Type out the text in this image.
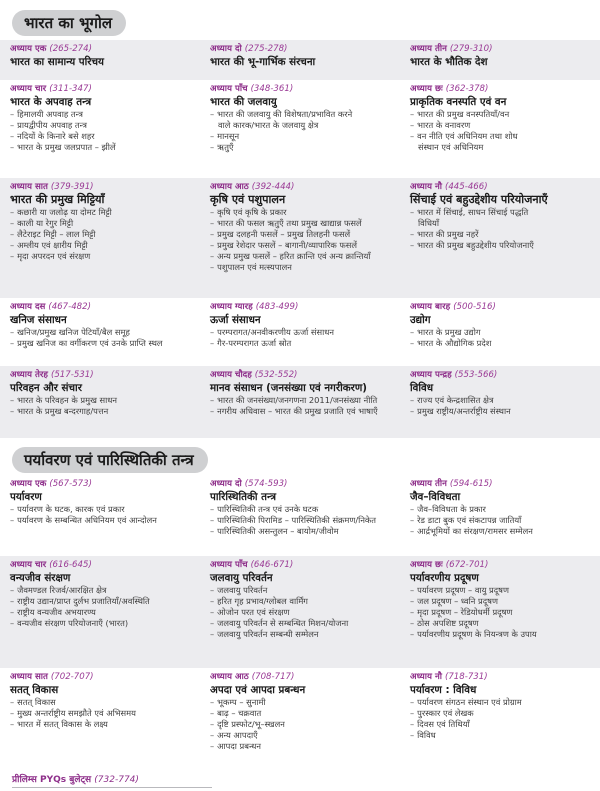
भारत का भूगोल
अध्याय एक (265-274)
भारत का सामान्य परिचय
अध्याय दो (275-278)
भारत की भू-गार्भिक संरचना
अध्याय तीन (279-310)
भारत के भौतिक देश
अध्याय चार (311-347)
भारत के अपवाह तन्त्र
– हिमालयी अपवाह तन्त्र
– प्रायद्वीपीय अपवाह तन्त्र
– नदियों के किनारे बसे शहर
– भारत के प्रमुख जलप्रपात – झीलें
अध्याय पाँच (348-361)
भारत की जलवायु
– भारत की जलवायु की विशेषता/प्रभावित करने
वाले कारक/भारत के जलवायु क्षेत्र
– मानसून
– ऋतुएँ
अध्याय छः (362-378)
प्राकृतिक वनस्पति एवं वन
– भारत की प्रमुख वनस्पतियाँ/वन
– भारत के वनावरण
– वन नीति एवं अधिनियम तथा शोध
संस्थान एवं अधिनियम
अध्याय सात (379-391)
भारत की प्रमुख मिट्टियाँ
– कछारी या जलोढ़ या दोमट मिट्टी
– काली या रेगुर मिट्टी
– लैटेराइट मिट्टी – लाल मिट्टी
– अम्लीय एवं क्षारीय मिट्टी
– मृदा अपरदन एवं संरक्षण
अध्याय आठ (392-444)
कृषि एवं पशुपालन
– कृषि एवं कृषि के प्रकार
– भारत की फसल ऋतुएँ तथा प्रमुख खाद्यान्न फसलें
– प्रमुख दलहनी फसलें – प्रमुख तिलहनी फसलें
– प्रमुख रेशेदार फसलें – बागानी/व्यापारिक फसलें
– अन्य प्रमुख फसलें – हरित क्रान्ति एवं अन्य क्रान्तियाँ
– पशुपालन एवं मत्स्यपालन
अध्याय नौ (445-466)
सिंचाई एवं बहुउद्देशीय परियोजनाएँ
– भारत में सिंचाई, साधन सिंचाई पद्धति
विधियाँ
– भारत की प्रमुख नहरें
– भारत की प्रमुख बहुउद्देशीय परियोजनाएँ
अध्याय दस (467-482)
खनिज संसाधन
– खनिज/प्रमुख खनिज पेटियाँ/बैल समूह
– प्रमुख खनिज का वर्गीकरण एवं उनके प्राप्ति स्थल
अध्याय ग्यारह (483-499)
ऊर्जा संसाधन
– परम्परागत/अनवीकरणीय ऊर्जा संसाधन
– गैर-परम्परागत ऊर्जा स्रोत
अध्याय बारह (500-516)
उद्योग
– भारत के प्रमुख उद्योग
– भारत के औद्योगिक प्रदेश
अध्याय तेरह (517-531)
परिवहन और संचार
– भारत के परिवहन के प्रमुख साधन
– भारत के प्रमुख बन्दरगाह/पत्तन
अध्याय चौदह (532-552)
मानव संसाधन (जनसंख्या एवं नगरीकरण)
– भारत की जनसंख्या/जनगणना 2011/जनसंख्या नीति
– नगरीय अधिवास – भारत की प्रमुख प्रजाति एवं भाषाएँ
अध्याय पन्द्रह (553-566)
विविध
– राज्य एवं केन्द्रशासित क्षेत्र
– प्रमुख राष्ट्रीय/अन्तर्राष्ट्रीय संस्थान
पर्यावरण एवं पारिस्थितिकी तन्त्र
अध्याय एक (567-573)
पर्यावरण
– पर्यावरण के घटक, कारक एवं प्रकार
– पर्यावरण के सम्बन्धित अधिनियम एवं आन्दोलन
अध्याय दो (574-593)
पारिस्थितिकी तन्त्र
– पारिस्थितिकी तन्त्र एवं उनके घटक
– पारिस्थितिकी पिरामिड – पारिस्थितिकी संक्रमण/निकेत
– पारिस्थितिकी असन्तुलन – बायोम/जीवोम
अध्याय तीन (594-615)
जैव–विविधता
– जैव–विविधता के प्रकार
– रेड डाटा बुक एवं संकटापन्न जातियाँ
– आर्द्रभूमियों का संरक्षण/रामसर सम्मेलन
अध्याय चार (616-645)
वन्यजीव संरक्षण
– जैवमण्डल रिजर्व/आरक्षित क्षेत्र
– राष्ट्रीय उद्यान/प्राप्त दुर्लभ प्रजातियाँ/अवस्थिति
– राष्ट्रीय वन्यजीव अभयारण्य
– वन्यजीव संरक्षण परियोजनाएँ (भारत)
अध्याय पाँच (646-671)
जलवायु परिवर्तन
– जलवायु परिवर्तन
– हरित गृह प्रभाव/ग्लोबल वार्मिंग
– ओजोन परत एवं संरक्षण
– जलवायु परिवर्तन से सम्बन्धित मिशन/योजना
– जलवायु परिवर्तन सम्बन्धी सम्मेलन
अध्याय छः (672-701)
पर्यावरणीय प्रदूषण
– पर्यावरण प्रदूषण – वायु प्रदूषण
– जल प्रदूषण – ध्वनि प्रदूषण
– मृदा प्रदूषण – रेडियोधर्मी प्रदूषण
– ठोस अपशिष्ट प्रदूषण
– पर्यावरणीय प्रदूषण के नियन्त्रण के उपाय
अध्याय सात (702-707)
सतत् विकास
– सतत् विकास
– मुख्य अन्तर्राष्ट्रीय समझौते एवं अभिसमय
– भारत में सतत् विकास के लक्ष्य
अध्याय आठ (708-717)
अपदा एवं आपदा प्रबन्धन
– भूकम्प – सुनामी
– बाढ़ – चक्रवात
– दृष्टि प्रस्फोट/भू–स्खलन
– अन्य आपदाएँ
– आपदा प्रबन्धन
अध्याय नौ (718-731)
पर्यावरण : विविध
– पर्यावरण संगठन संस्थान एवं प्रोग्राम
– पुरस्कार एवं लेखक
– दिवस एवं तिथियाँ
– विविध
प्रीलिम्स PYQs बुलेट्स (732-774)
